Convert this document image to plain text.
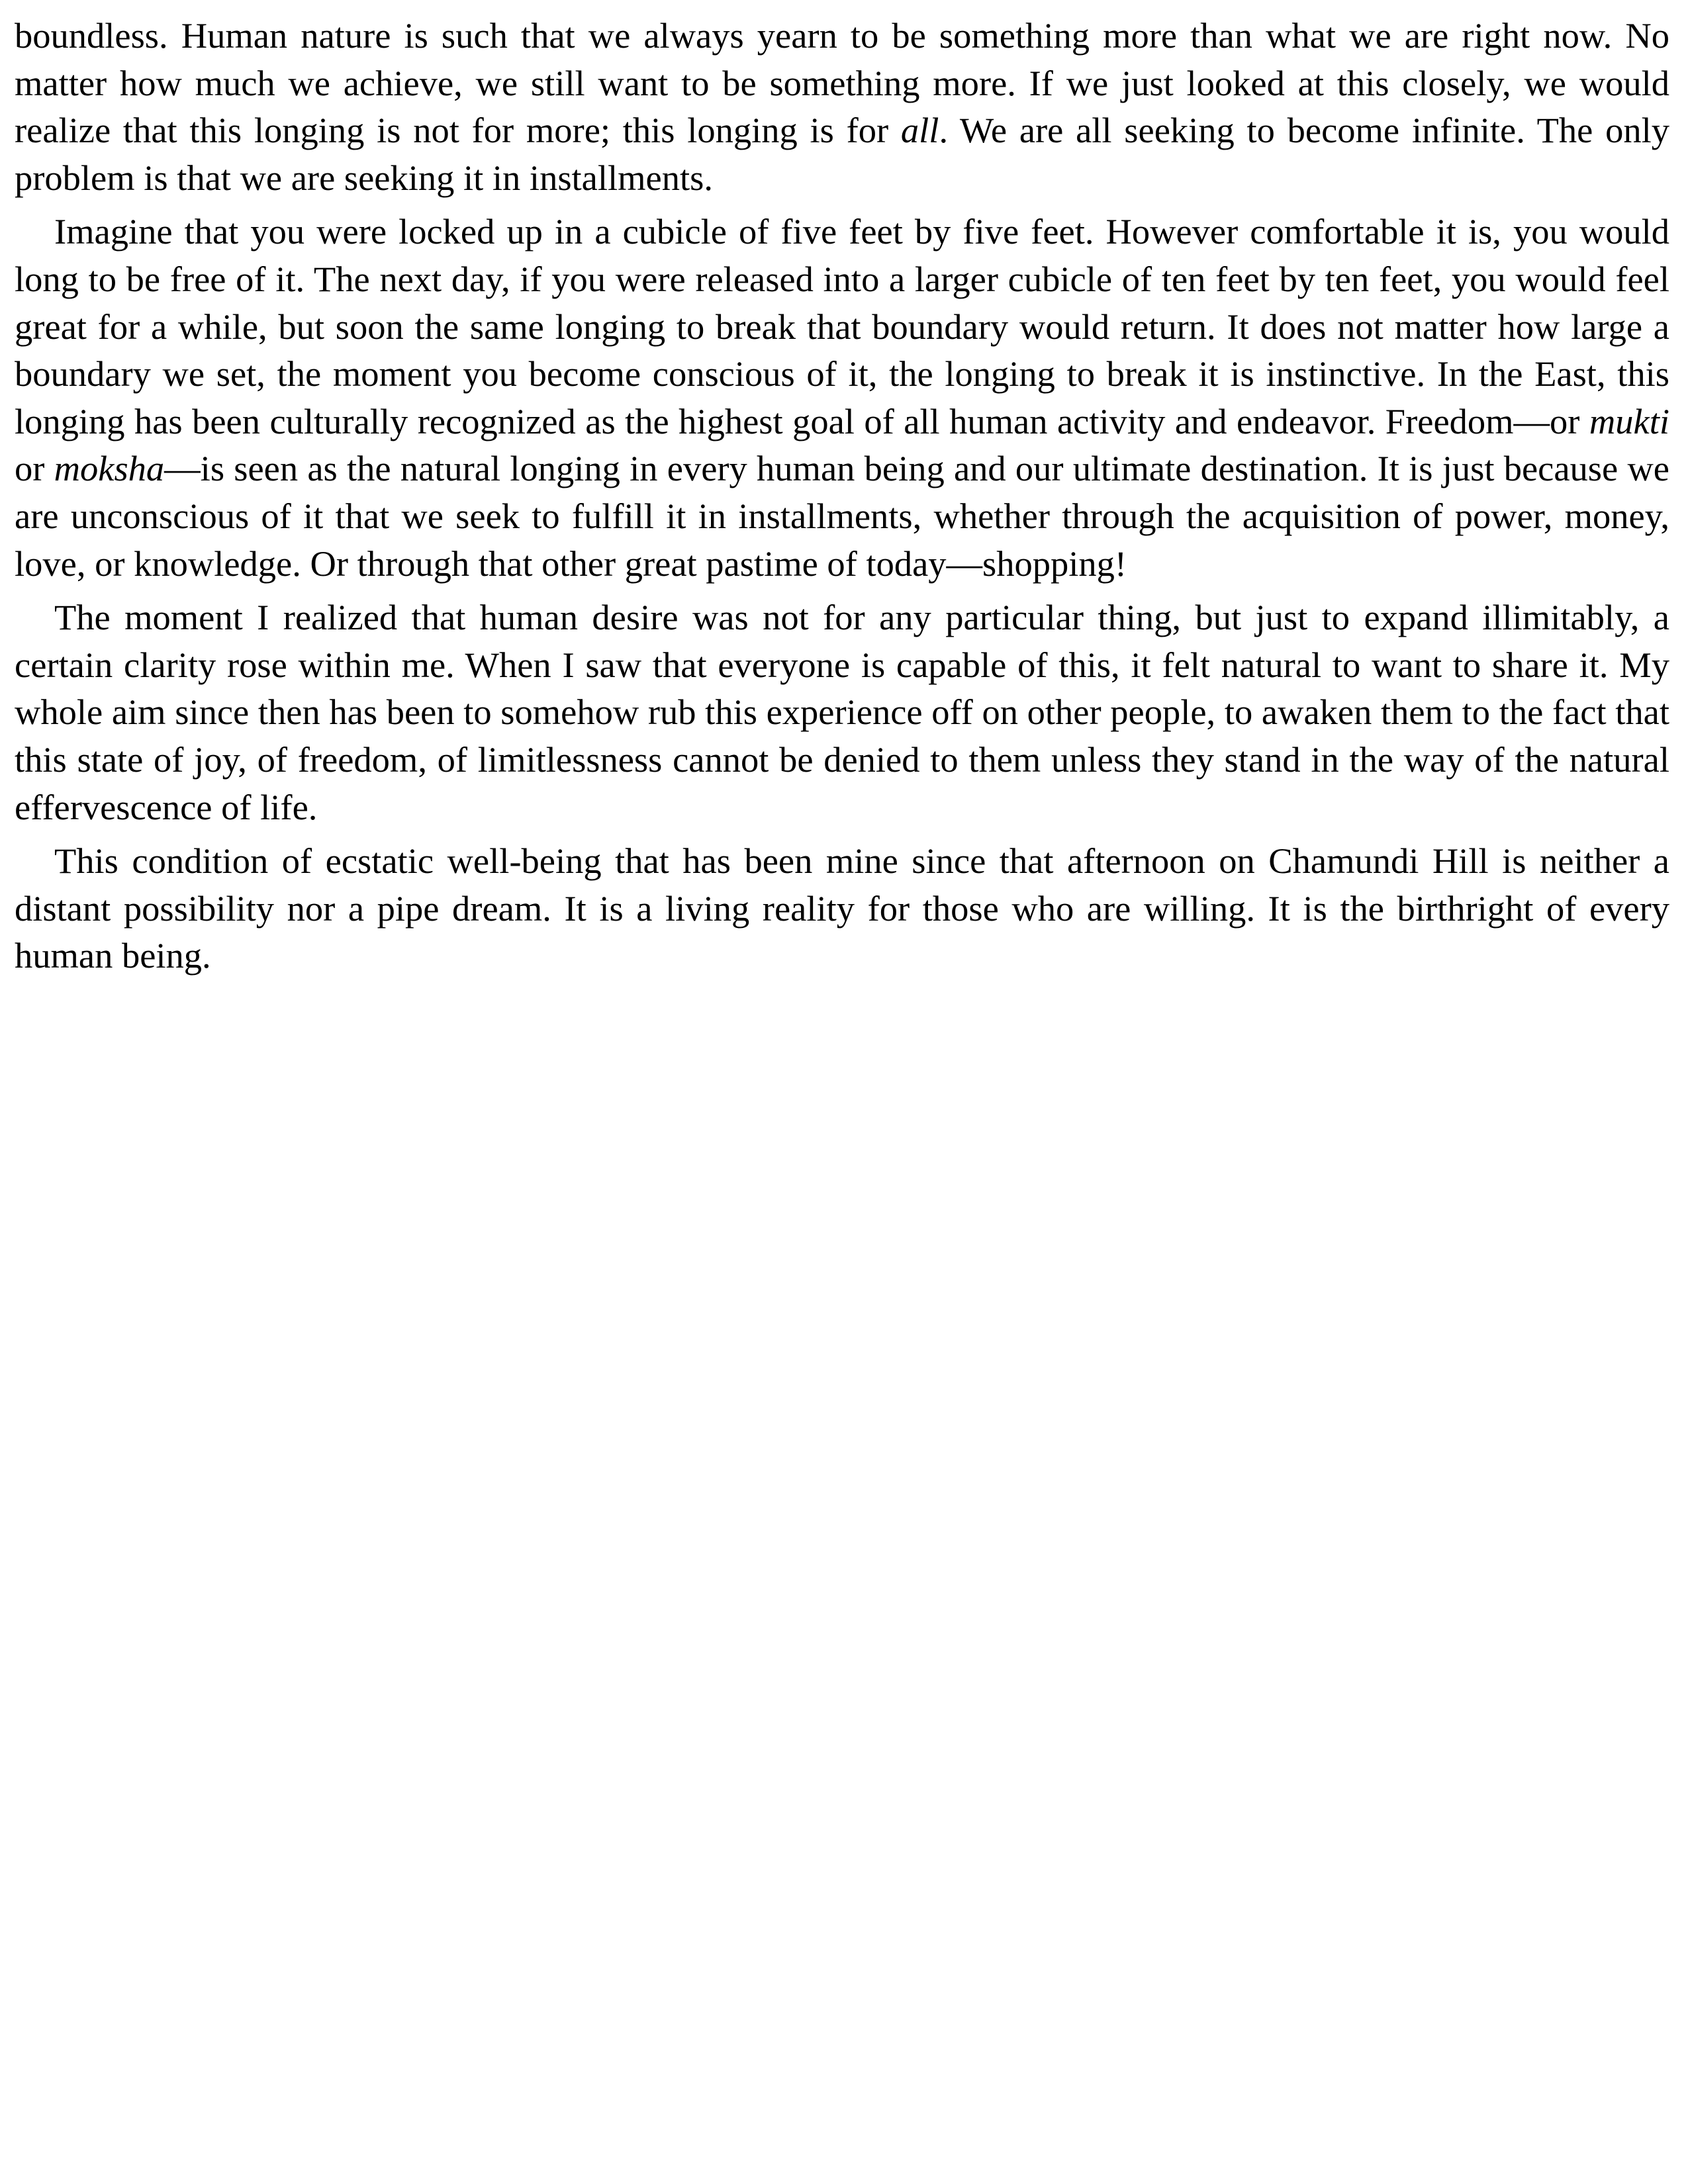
boundless. Human nature is such that we always yearn to be something more than what we are right now. No matter how much we achieve, we still want to be something more. If we just looked at this closely, we would realize that this longing is not for more; this longing is for all. We are all seeking to become infinite. The only problem is that we are seeking it in installments.

Imagine that you were locked up in a cubicle of five feet by five feet. However comfortable it is, you would long to be free of it. The next day, if you were released into a larger cubicle of ten feet by ten feet, you would feel great for a while, but soon the same longing to break that boundary would return. It does not matter how large a boundary we set, the moment you become conscious of it, the longing to break it is instinctive. In the East, this longing has been culturally recognized as the highest goal of all human activity and endeavor. Freedom—or mukti or moksha—is seen as the natural longing in every human being and our ultimate destination. It is just because we are unconscious of it that we seek to fulfill it in installments, whether through the acquisition of power, money, love, or knowledge. Or through that other great pastime of today—shopping!

The moment I realized that human desire was not for any particular thing, but just to expand illimitably, a certain clarity rose within me. When I saw that everyone is capable of this, it felt natural to want to share it. My whole aim since then has been to somehow rub this experience off on other people, to awaken them to the fact that this state of joy, of freedom, of limitlessness cannot be denied to them unless they stand in the way of the natural effervescence of life.

This condition of ecstatic well-being that has been mine since that afternoon on Chamundi Hill is neither a distant possibility nor a pipe dream. It is a living reality for those who are willing. It is the birthright of every human being.
